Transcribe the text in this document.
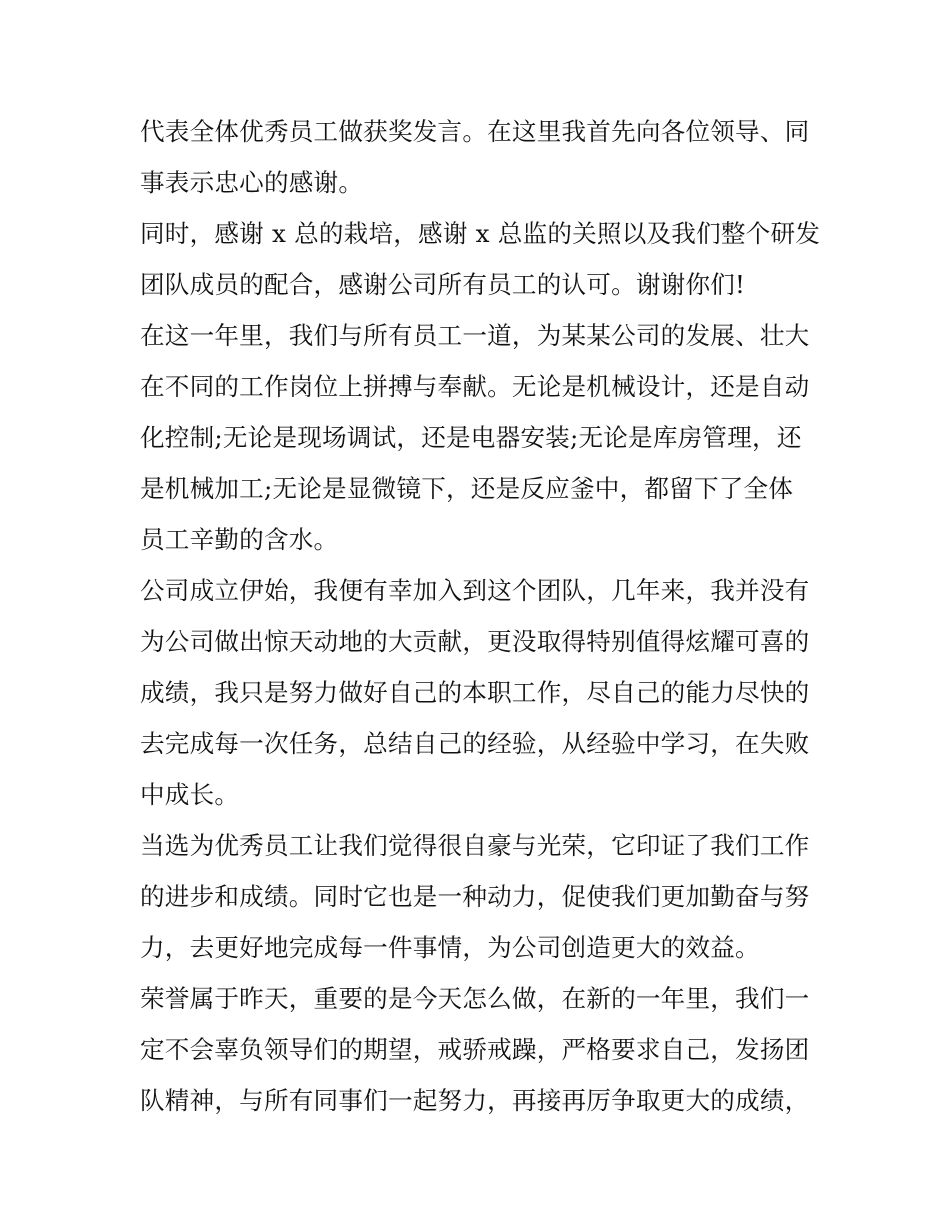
代表全体优秀员工做获奖发言。在这里我首先向各位领导、同
事表示忠心的感谢。

同时，感谢 x 总的栽培，感谢 x 总监的关照以及我们整个研发
团队成员的配合，感谢公司所有员工的认可。谢谢你们!

在这一年里，我们与所有员工一道，为某某公司的发展、壮大
在不同的工作岗位上拼搏与奉献。无论是机械设计，还是自动
化控制;无论是现场调试，还是电器安装;无论是库房管理，还
是机械加工;无论是显微镜下，还是反应釜中，都留下了全体
员工辛勤的含水。

公司成立伊始，我便有幸加入到这个团队，几年来，我并没有
为公司做出惊天动地的大贡献，更没取得特别值得炫耀可喜的
成绩，我只是努力做好自己的本职工作，尽自己的能力尽快的
去完成每一次任务，总结自己的经验，从经验中学习，在失败
中成长。

当选为优秀员工让我们觉得很自豪与光荣，它印证了我们工作
的进步和成绩。同时它也是一种动力，促使我们更加勤奋与努
力，去更好地完成每一件事情，为公司创造更大的效益。

荣誉属于昨天，重要的是今天怎么做，在新的一年里，我们一
定不会辜负领导们的期望，戒骄戒躁，严格要求自己，发扬团
队精神，与所有同事们一起努力，再接再厉争取更大的成绩，
